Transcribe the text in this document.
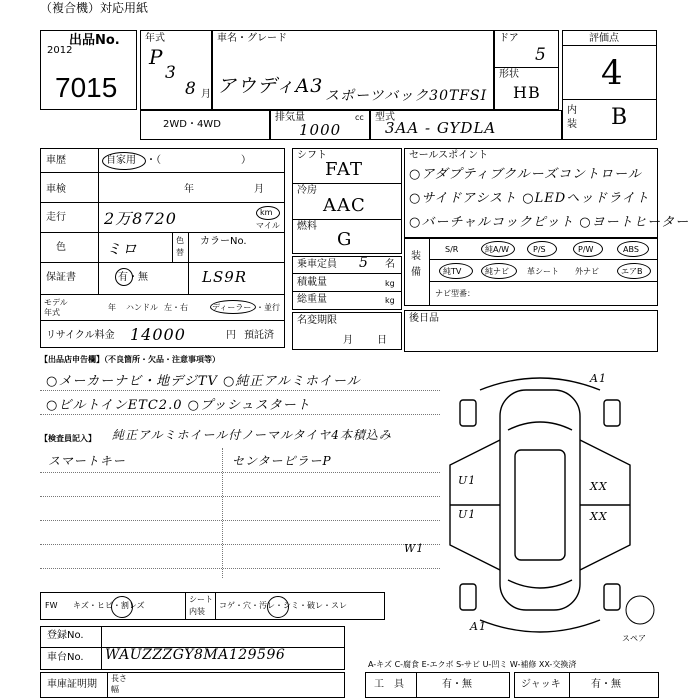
（複合機）対応用紙
出品No.
2012
7015
年式
P
3
8 月
車名・グレード
アウディA3 スポーツバック30TFSI
ドア
5
形状
HB
評価点
4
内
装 B
2WD・4WD
排気量	cc
1000
型式
3AA - GYDLA
車歴	自家用 ・（　　　　　　　　）
車検	年	月
走行 2万8720	km
マイル
色	ミロ	色
替
カラーNo.
保証書	有・無	LS9R
モデル
年式
年 ハンドル 左・右	ディーラー ・並行
リサイクル料金 14000	円 預託済
シフト
FAT
冷房
AAC
燃料
G
乗車定員 5 名
積載量	kg
総重量	kg
名変期限
月 日
セールスポイント
○アダプティブクルーズコントロール
○サイドアシスト ○LEDヘッドライト
○バーチャルコックピット ○ヨートヒーター
装
備
S/R	純A/W	P/S	P/W	ABS
純TV	純ナビ 革シート 外ナビ	エアB
ナビ型番：
後日品
【出品店申告欄】（不良箇所・欠品・注意事項等）
○メーカーナビ・地デジTV ○純正アルミホイール
○ビルトインETC2.0 ○プッシュスタート
【検査員記入】 純正アルミホイール付ノーマルタイヤ4本積込み
スマートキー	センターピラーP
A1
U1
U1
XX
XX
W1
A1
スペア
FW キズ・ヒビ・割レズ
シート
内装
コゲ・穴・汚レ・シミ・破レ・スレ
登録No.
車台No. WAUZZZGY8MA129596
A-キズ C-腐食 E-エクボ S-サビ U-凹ミ W-補修 XX-交換済
車庫証明期
長さ
幅	工　具	有・無	ジャッキ	有・無
